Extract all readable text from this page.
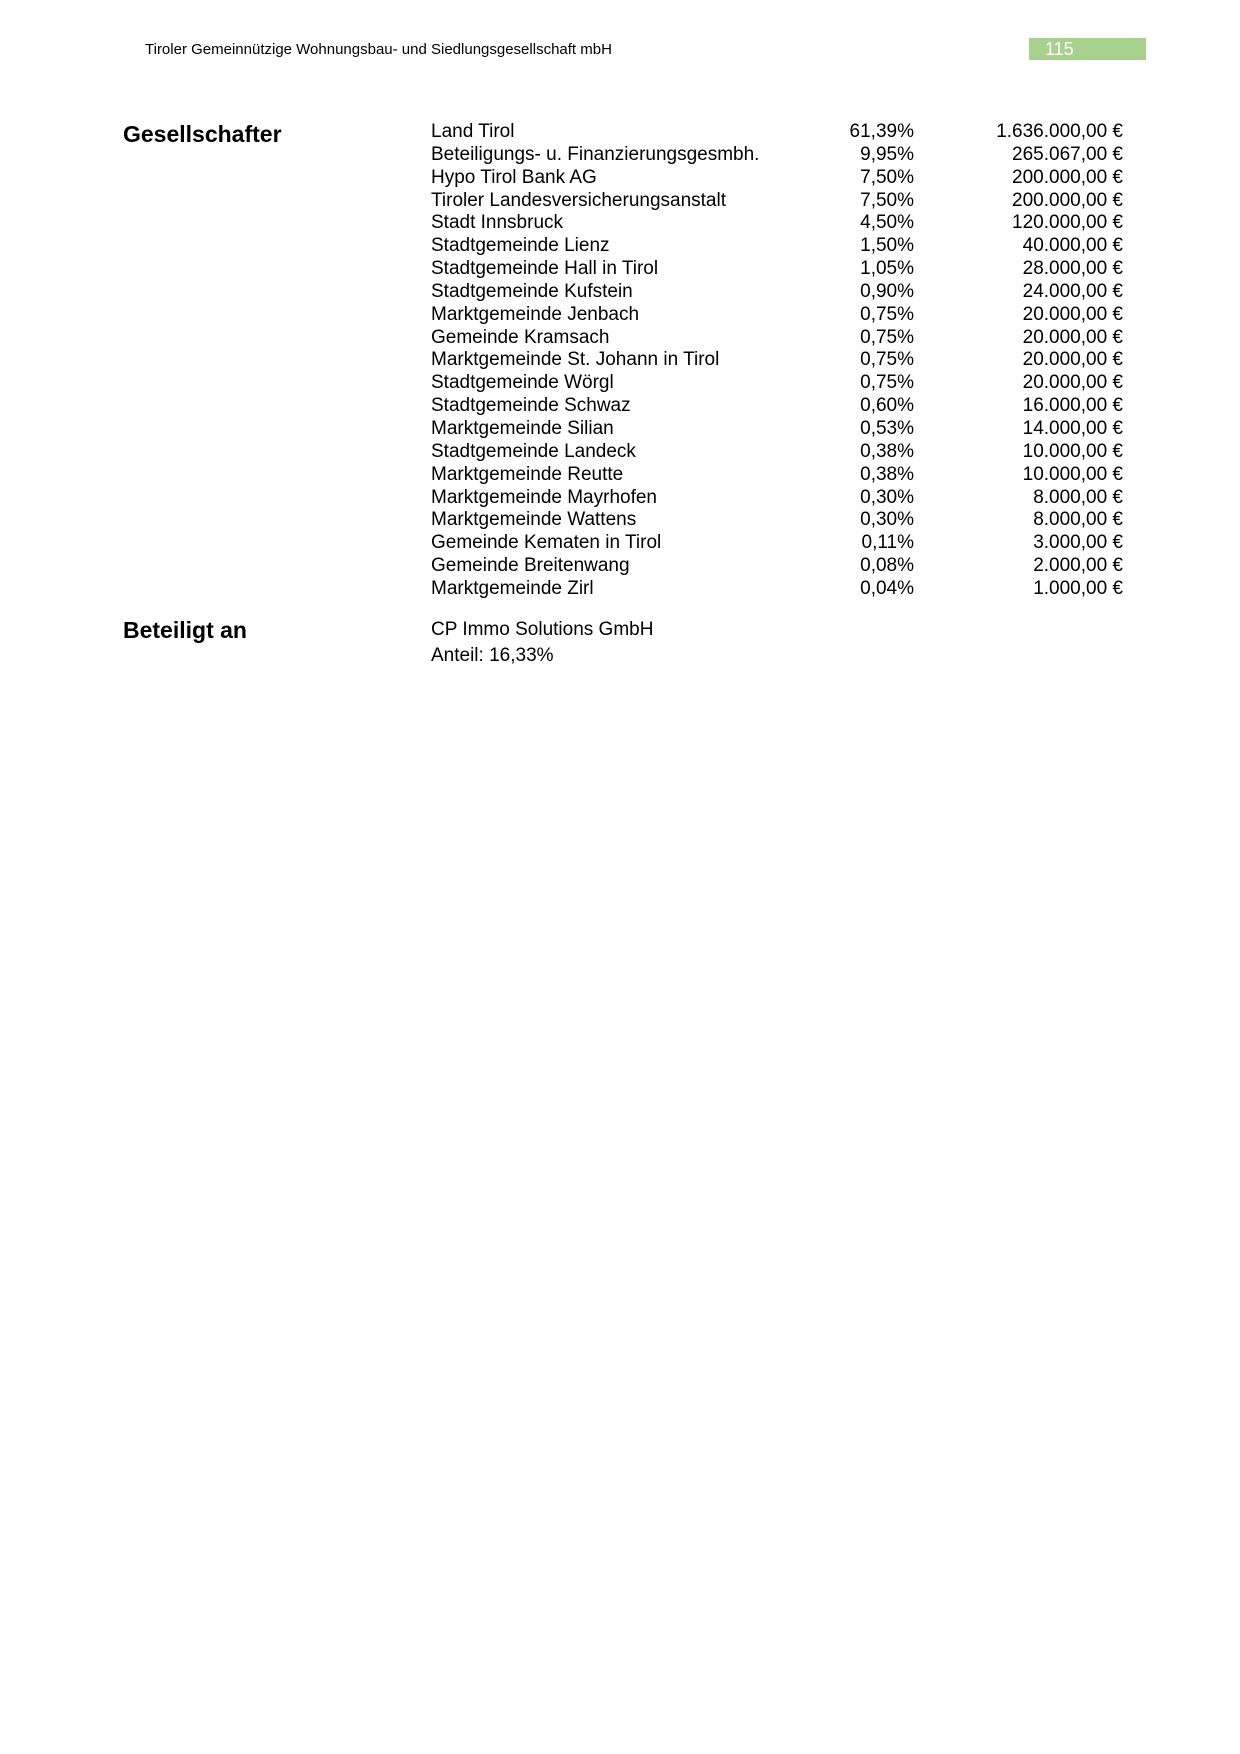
Tiroler Gemeinnützige Wohnungsbau- und Siedlungsgesellschaft mbH	115
Gesellschafter	Land Tirol	61,39%	1.636.000,00 €
Beteiligungs- u. Finanzierungsgesmbh.	9,95%	265.067,00 €
Hypo Tirol Bank AG	7,50%	200.000,00 €
Tiroler Landesversicherungsanstalt	7,50%	200.000,00 €
Stadt Innsbruck	4,50%	120.000,00 €
Stadtgemeinde Lienz	1,50%	40.000,00 €
Stadtgemeinde Hall in Tirol	1,05%	28.000,00 €
Stadtgemeinde Kufstein	0,90%	24.000,00 €
Marktgemeinde Jenbach	0,75%	20.000,00 €
Gemeinde Kramsach	0,75%	20.000,00 €
Marktgemeinde St. Johann in Tirol	0,75%	20.000,00 €
Stadtgemeinde Wörgl	0,75%	20.000,00 €
Stadtgemeinde Schwaz	0,60%	16.000,00 €
Marktgemeinde Silian	0,53%	14.000,00 €
Stadtgemeinde Landeck	0,38%	10.000,00 €
Marktgemeinde Reutte	0,38%	10.000,00 €
Marktgemeinde Mayrhofen	0,30%	8.000,00 €
Marktgemeinde Wattens	0,30%	8.000,00 €
Gemeinde Kematen in Tirol	0,11%	3.000,00 €
Gemeinde Breitenwang	0,08%	2.000,00 €
Marktgemeinde Zirl	0,04%	1.000,00 €
Beteiligt an	CP Immo Solutions GmbH
Anteil: 16,33%
